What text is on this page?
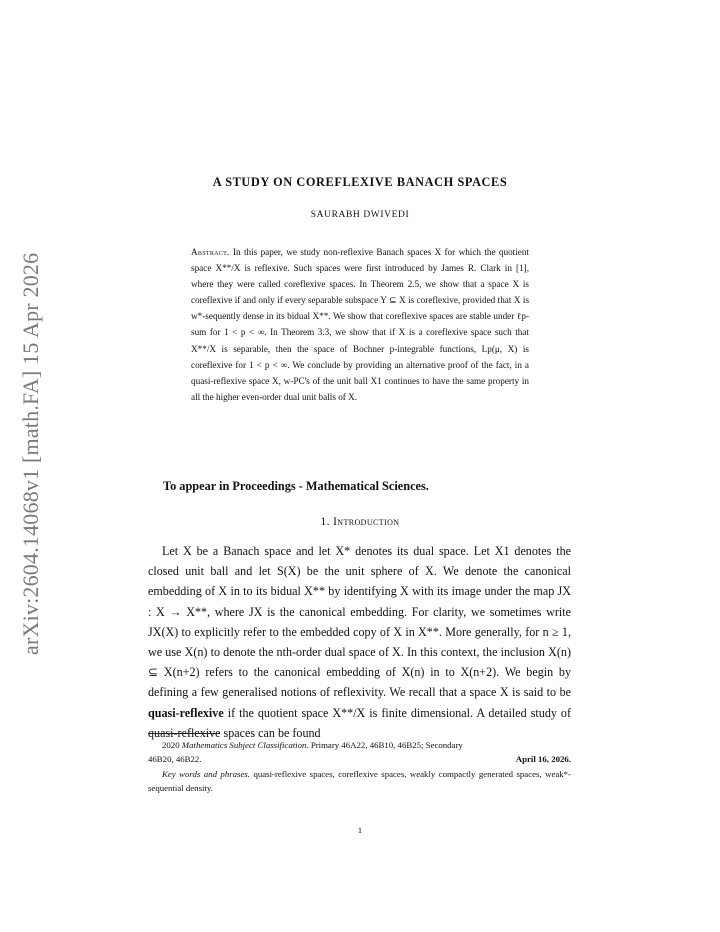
arXiv:2604.14068v1 [math.FA] 15 Apr 2026
A STUDY ON COREFLEXIVE BANACH SPACES
SAURABH DWIVEDI
Abstract. In this paper, we study non-reflexive Banach spaces X for which the quotient space X**/X is reflexive. Such spaces were first introduced by James R. Clark in [1], where they were called coreflexive spaces. In Theorem 2.5, we show that a space X is coreflexive if and only if every separable subspace Y ⊆ X is coreflexive, provided that X is w*-sequently dense in its bidual X**. We show that coreflexive spaces are stable under ℓp-sum for 1 < p < ∞. In Theorem 3.3, we show that if X is a coreflexive space such that X**/X is separable, then the space of Bochner p-integrable functions, Lp(μ, X) is coreflexive for 1 < p < ∞. We conclude by providing an alternative proof of the fact, in a quasi-reflexive space X, w-PC's of the unit ball X1 continues to have the same property in all the higher even-order dual unit balls of X.
To appear in Proceedings - Mathematical Sciences.
1. Introduction

Let X be a Banach space and let X* denotes its dual space. Let X1 denotes the closed unit ball and let S(X) be the unit sphere of X. We denote the canonical embedding of X in to its bidual X** by identifying X with its image under the map JX : X → X**, where JX is the canonical embedding. For clarity, we sometimes write JX(X) to explicitly refer to the embedded copy of X in X**. More generally, for n ≥ 1, we use X(n) to denote the nth-order dual space of X. In this context, the inclusion X(n) ⊆ X(n+2) refers to the canonical embedding of X(n) in to X(n+2). We begin by defining a few generalised notions of reflexivity. We recall that a space X is said to be quasi-reflexive if the quotient space X**/X is finite dimensional. A detailed study of quasi-reflexive spaces can be found

2020 Mathematics Subject Classification. Primary 46A22, 46B10, 46B25; Secondary

46B20, 46B22.	April 16, 2026.

Key words and phrases. quasi-reflexive spaces, coreflexive spaces, weakly compactly generated spaces, weak*-sequential density.

1
